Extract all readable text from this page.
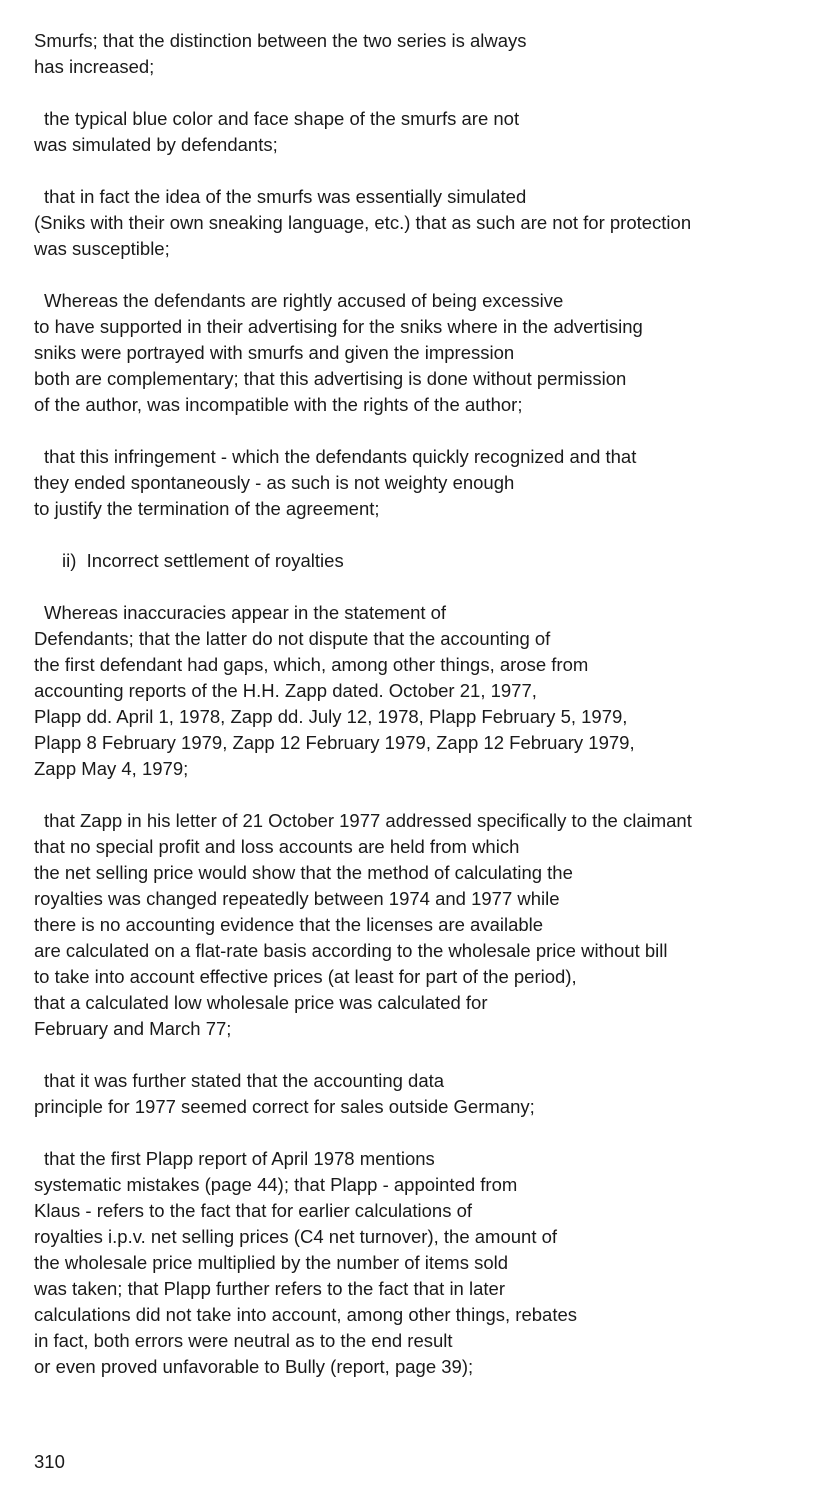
Smurfs; that the distinction between the two series is always
has increased;
the typical blue color and face shape of the smurfs are not
was simulated by defendants;
that in fact the idea of the smurfs was essentially simulated
(Sniks with their own sneaking language, etc.) that as such are not for protection
was susceptible;
Whereas the defendants are rightly accused of being excessive
to have supported in their advertising for the sniks where in the advertising
sniks were portrayed with smurfs and given the impression
both are complementary; that this advertising is done without permission
of the author, was incompatible with the rights of the author;
that this infringement - which the defendants quickly recognized and that
they ended spontaneously - as such is not weighty enough
to justify the termination of the agreement;
ii)  Incorrect settlement of royalties
Whereas inaccuracies appear in the statement of
Defendants; that the latter do not dispute that the accounting of
the first defendant had gaps, which, among other things, arose from
accounting reports of the H.H. Zapp dated. October 21, 1977,
Plapp dd. April 1, 1978, Zapp dd. July 12, 1978, Plapp February 5, 1979,
Plapp 8 February 1979, Zapp 12 February 1979, Zapp 12 February 1979,
Zapp May 4, 1979;
that Zapp in his letter of 21 October 1977 addressed specifically to the claimant
that no special profit and loss accounts are held from which
the net selling price would show that the method of calculating the
royalties was changed repeatedly between 1974 and 1977 while
there is no accounting evidence that the licenses are available
are calculated on a flat-rate basis according to the wholesale price without bill
to take into account effective prices (at least for part of the period),
that a calculated low wholesale price was calculated for
February and March 77;
that it was further stated that the accounting data
principle for 1977 seemed correct for sales outside Germany;
that the first Plapp report of April 1978 mentions
systematic mistakes (page 44); that Plapp - appointed from
Klaus - refers to the fact that for earlier calculations of
royalties i.p.v. net selling prices (C4 net turnover), the amount of
the wholesale price multiplied by the number of items sold
was taken; that Plapp further refers to the fact that in later
calculations did not take into account, among other things, rebates
in fact, both errors were neutral as to the end result
or even proved unfavorable to Bully (report, page 39);
310
